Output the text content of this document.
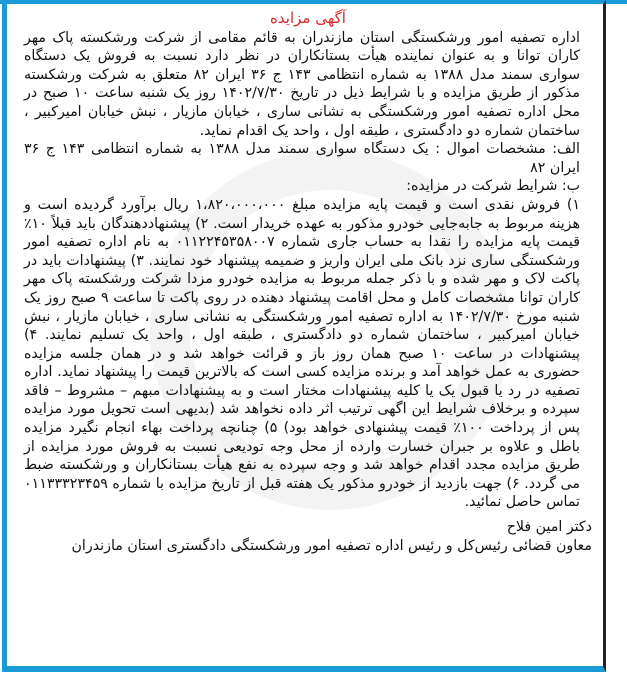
آگهی مزایده

اداره تصفیه امور ورشکستگی استان مازندران به قائم مقامی از شرکت ورشکسته پاک مهر کاران توانا و به عنوان نماینده هیأت بستانکاران در نظر دارد نسبت به فروش یک دستگاه سواری سمند مدل ۱۳۸۸ به شماره انتظامی ۱۴۳ ج ۳۶ ایران ۸۲ متعلق به شرکت ورشکسته مذکور از طریق مزایده و با شرایط ذیل در تاریخ ۱۴۰۲/۷/۳۰ روز یک شنبه ساعت ۱۰ صبح در محل اداره تصفیه امور ورشکستگی به نشانی ساری ، خیابان مازیار ، نبش خیابان امیرکبیر ، ساختمان شماره دو دادگستری ، طبقه اول ، واحد یک اقدام نماید.

الف: مشخصات اموال : یک دستگاه سواری سمند مدل ۱۳۸۸ به شماره انتظامی ۱۴۳ ج ۳۶ ایران ۸۲

ب: شرایط شرکت در مزایده:

۱) فروش نقدی است و قیمت پایه مزایده مبلغ ۱،۸۲۰،۰۰۰،۰۰۰ ریال برآورد گردیده است و هزینه مربوط به جابه‌جایی خودرو مذکور به عهده خریدار است. ۲) پیشنهاددهندگان باید قبلاً ۱۰٪ قیمت پایه مزایده را نقدا به حساب جاری شماره ۰۱۱۲۲۴۵۳۵۸۰۰۷ به نام اداره تصفیه امور ورشکستگی ساری نزد بانک ملی ایران واریز و ضمیمه پیشنهاد خود نمایند. ۳) پیشنهادات باید در پاکت لاک و مهر شده و با ذکر جمله مربوط به مزایده خودرو مزدا شرکت ورشکسته پاک مهر کاران توانا مشخصات کامل و محل اقامت پیشنهاد دهنده در روی پاکت تا ساعت ۹ صبح روز یک شنبه مورخ ۱۴۰۲/۷/۳۰ به اداره تصفیه امور ورشکستگی به نشانی ساری ، خیابان مازیار ، نبش خیابان امیرکبیر ، ساختمان شماره دو دادگستری ، طبقه اول ، واحد یک تسلیم نمایند. ۴) پیشنهادات در ساعت ۱۰ صبح همان روز باز و قرائت خواهد شد و در همان جلسه مزایده حضوری به عمل خواهد آمد و برنده مزایده کسی است که بالاترین قیمت را پیشنهاد نماید. اداره تصفیه در رد یا قبول یک یا کلیه پیشنهادات مختار است و به پیشنهادات مبهم – مشروط – فاقد سپرده و برخلاف شرایط این اگهی ترتیب اثر داده نخواهد شد (بدیهی است تحویل مورد مزایده پس از پرداخت ۱۰۰٪ قیمت پیشنهادی خواهد بود) ۵) چنانچه پرداخت بهاء انجام نگیرد مزایده باطل و علاوه بر جبران خسارت وارده از محل وجه تودیعی نسبت به فروش مورد مزایده از طریق مزایده مجدد اقدام خواهد شد و وجه سپرده به نفع هیأت بستانکاران و ورشکسته ضبط می گردد. ۶) جهت بازدید از خودرو مذکور یک هفته قبل از تاریخ مزایده با شماره ۰۱۱۳۳۳۲۳۴۵۹ تماس حاصل نمائید.

دکتر امین فلاح

معاون قضائی رئیس‌کل و رئیس اداره تصفیه امور ورشکستگی دادگستری استان مازندران
